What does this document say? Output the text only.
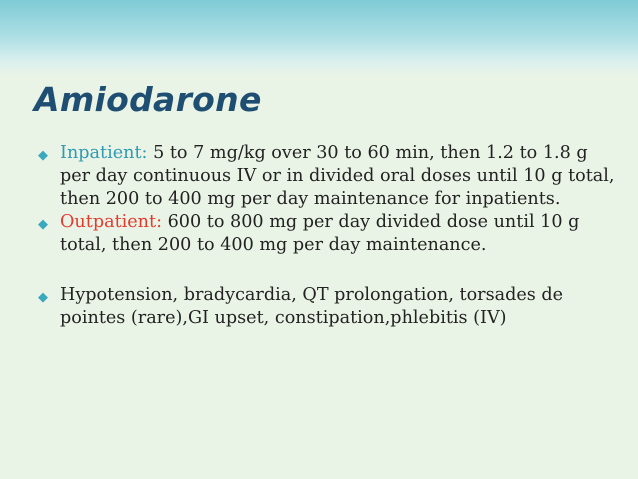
Amiodarone

◆ Inpatient: 5 to 7 mg/kg over 30 to 60 min, then 1.2 to 1.8 g per day continuous IV or in divided oral doses until 10 g total, then 200 to 400 mg per day maintenance for inpatients.

◆ Outpatient: 600 to 800 mg per day divided dose until 10 g total, then 200 to 400 mg per day maintenance.

◆ Hypotension, bradycardia, QT prolongation, torsades de pointes (rare),GI upset, constipation,phlebitis (IV)
